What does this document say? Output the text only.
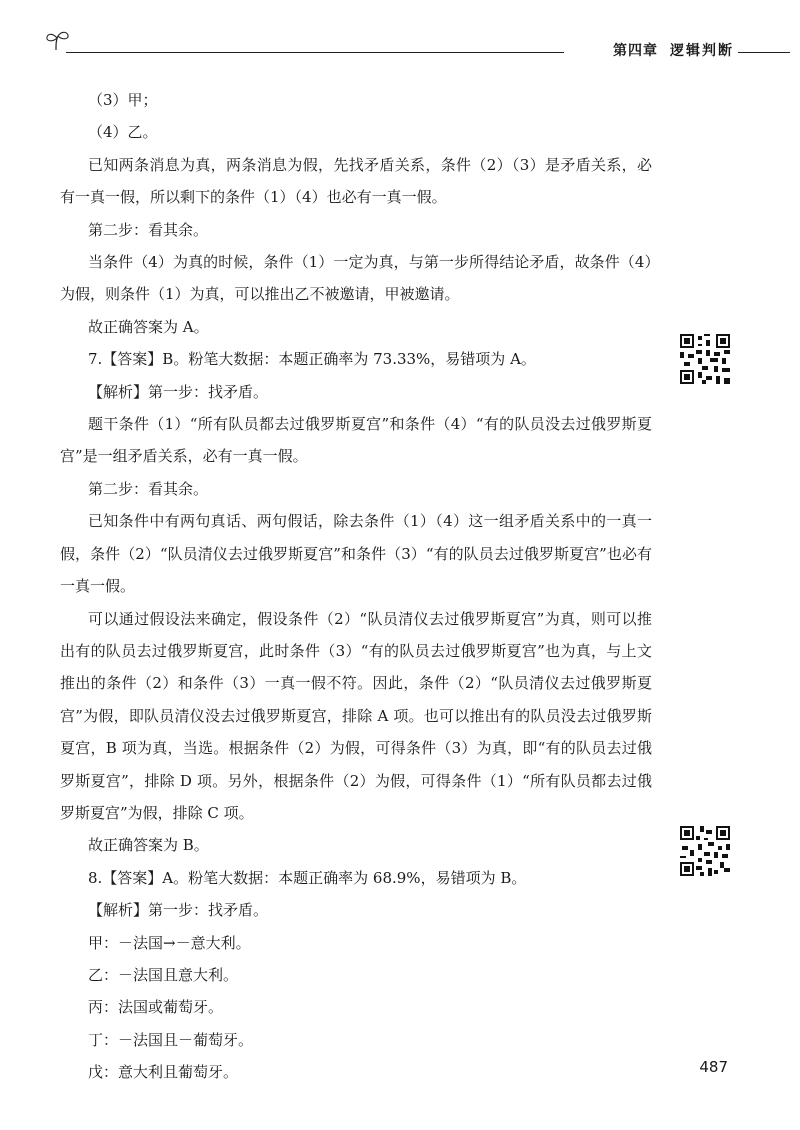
第四章 逻辑判断

（3）甲；

（4）乙。

已知两条消息为真，两条消息为假，先找矛盾关系，条件（2）（3）是矛盾关系，必有一真一假，所以剩下的条件（1）（4）也必有一真一假。

第二步：看其余。

当条件（4）为真的时候，条件（1）一定为真，与第一步所得结论矛盾，故条件（4）为假，则条件（1）为真，可以推出乙不被邀请，甲被邀请。

故正确答案为 A。

7.【答案】B。粉笔大数据：本题正确率为 73.33%，易错项为 A。

【解析】第一步：找矛盾。

题干条件（1）“所有队员都去过俄罗斯夏宫”和条件（4）“有的队员没去过俄罗斯夏宫”是一组矛盾关系，必有一真一假。

第二步：看其余。

已知条件中有两句真话、两句假话，除去条件（1）（4）这一组矛盾关系中的一真一假，条件（2）“队员清仪去过俄罗斯夏宫”和条件（3）“有的队员去过俄罗斯夏宫”也必有一真一假。

可以通过假设法来确定，假设条件（2）“队员清仪去过俄罗斯夏宫”为真，则可以推出有的队员去过俄罗斯夏宫，此时条件（3）“有的队员去过俄罗斯夏宫”也为真，与上文推出的条件（2）和条件（3）一真一假不符。因此，条件（2）“队员清仪去过俄罗斯夏宫”为假，即队员清仪没去过俄罗斯夏宫，排除 A 项。也可以推出有的队员没去过俄罗斯夏宫，B 项为真，当选。根据条件（2）为假，可得条件（3）为真，即“有的队员去过俄罗斯夏宫”，排除 D 项。另外，根据条件（2）为假，可得条件（1）“所有队员都去过俄罗斯夏宫”为假，排除 C 项。

故正确答案为 B。

8.【答案】A。粉笔大数据：本题正确率为 68.9%，易错项为 B。

【解析】第一步：找矛盾。

甲：－法国→－意大利。

乙：－法国且意大利。

丙：法国或葡萄牙。

丁：－法国且－葡萄牙。

戊：意大利且葡萄牙。	487
